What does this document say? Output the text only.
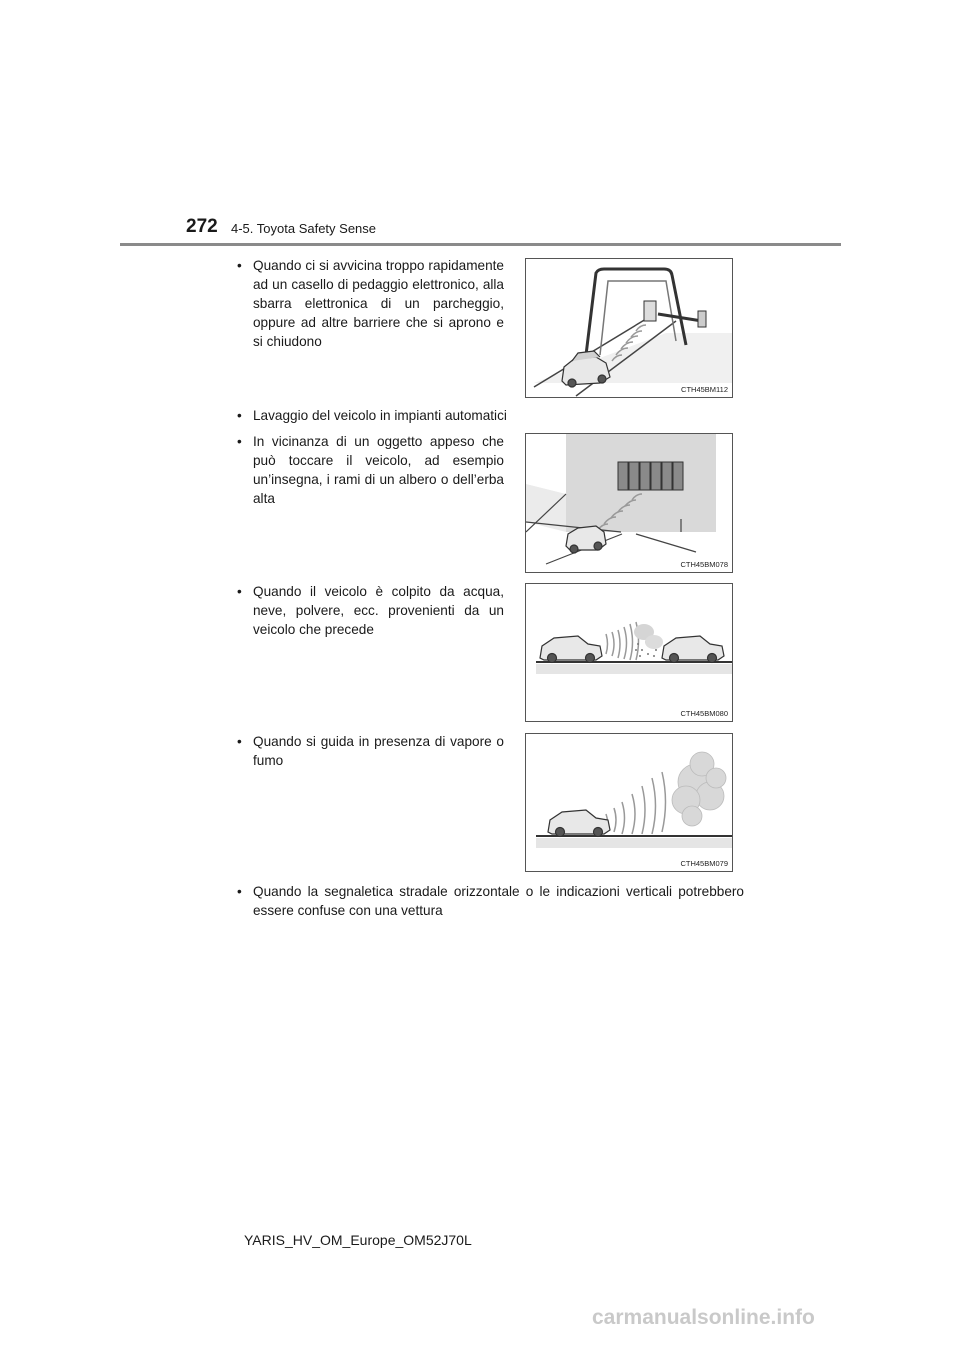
272 4-5. Toyota Safety Sense
• Quando ci si avvicina troppo rapidamente ad un casello di pedaggio elettronico, alla sbarra elettronica di un parcheggio, oppure ad altre barriere che si aprono e si chiudono
CTH45BM112
• Lavaggio del veicolo in impianti automatici
• In vicinanza di un oggetto appeso che può toccare il veicolo, ad esempio un’insegna, i rami di un albero o dell’erba alta
CTH45BM078
• Quando il veicolo è colpito da acqua, neve, polvere, ecc. provenienti da un veicolo che precede
CTH45BM080
• Quando si guida in presenza di vapore o fumo
CTH45BM079
• Quando la segnaletica stradale orizzontale o le indicazioni verticali potrebbero essere confuse con una vettura
YARIS_HV_OM_Europe_OM52J70L
carmanualsonline.info
